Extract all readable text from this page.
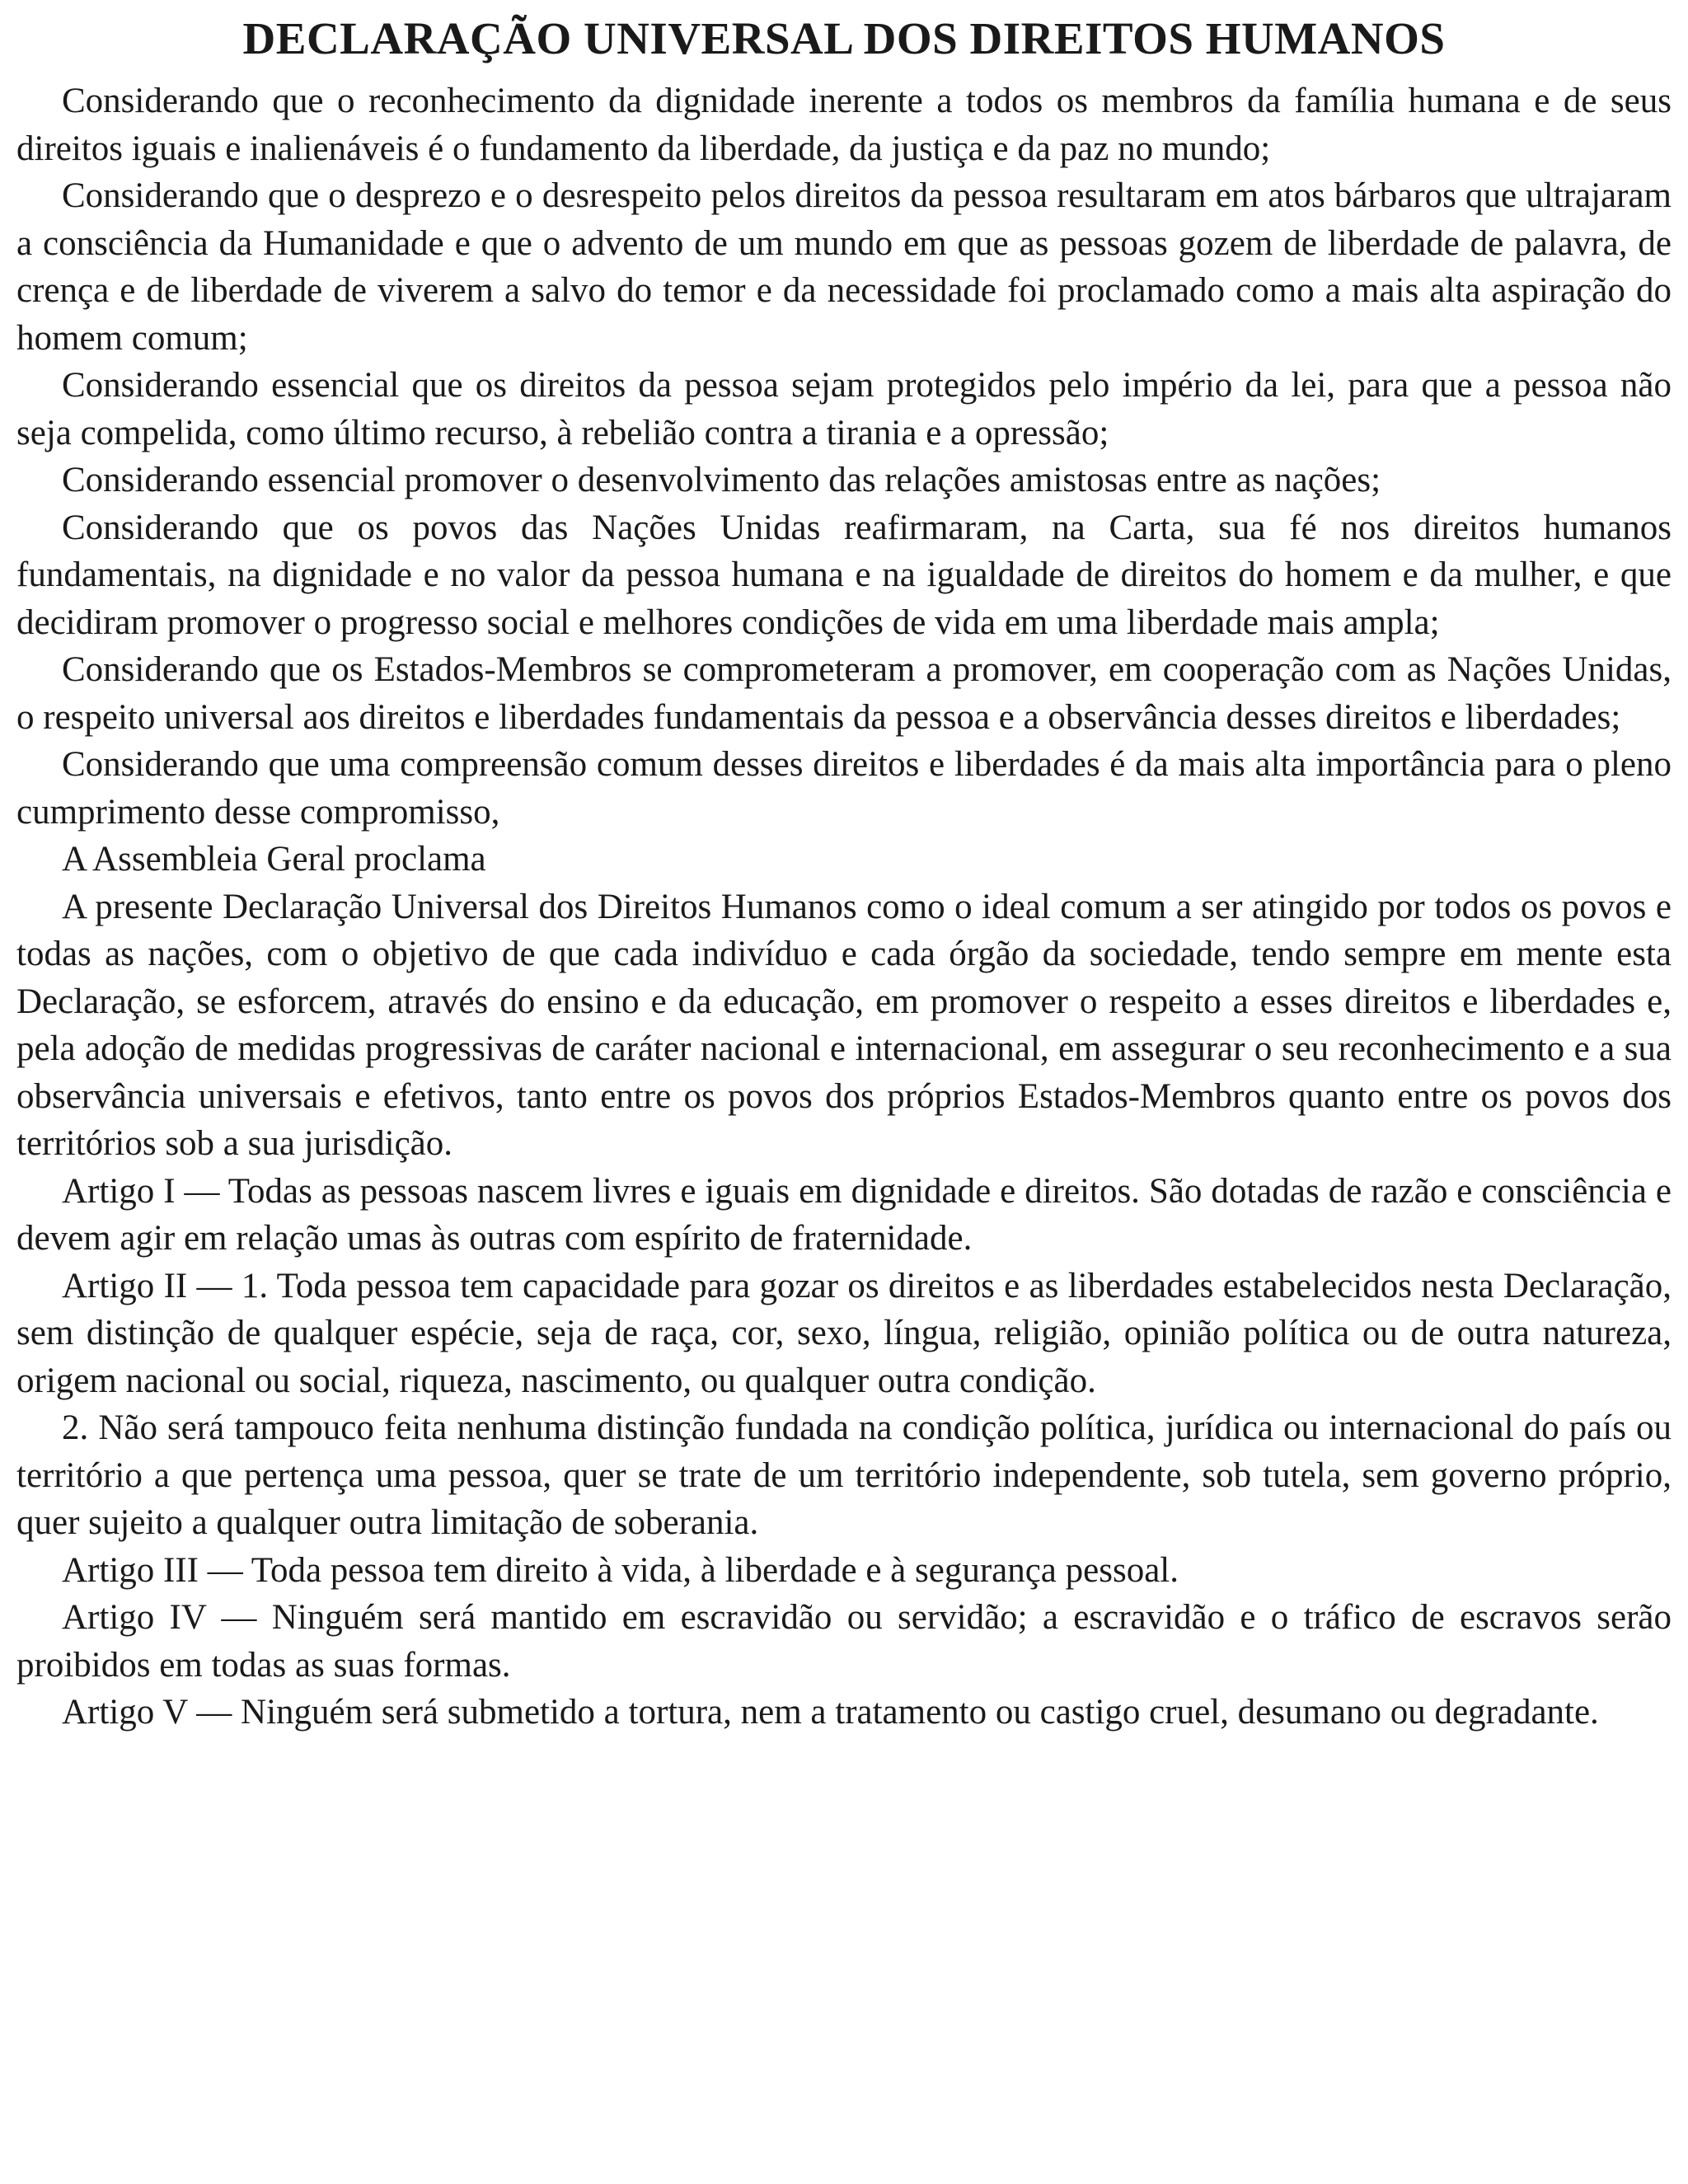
DECLARAÇÃO UNIVERSAL DOS DIREITOS HUMANOS

Considerando que o reconhecimento da dignidade inerente a todos os membros da família humana e de seus direitos iguais e inalienáveis é o fundamento da liberdade, da justiça e da paz no mundo;

Considerando que o desprezo e o desrespeito pelos direitos da pessoa resultaram em atos bárbaros que ultrajaram a consciência da Humanidade e que o advento de um mundo em que as pessoas gozem de liberdade de palavra, de crença e de liberdade de viverem a salvo do temor e da necessidade foi proclamado como a mais alta aspiração do homem comum;

Considerando essencial que os direitos da pessoa sejam protegidos pelo império da lei, para que a pessoa não seja compelida, como último recurso, à rebelião contra a tirania e a opressão;

Considerando essencial promover o desenvolvimento das relações amistosas entre as nações;

Considerando que os povos das Nações Unidas reafirmaram, na Carta, sua fé nos direitos humanos fundamentais, na dignidade e no valor da pessoa humana e na igualdade de direitos do homem e da mulher, e que decidiram promover o progresso social e melhores condições de vida em uma liberdade mais ampla;

Considerando que os Estados-Membros se comprometeram a promover, em cooperação com as Nações Unidas, o respeito universal aos direitos e liberdades fundamentais da pessoa e a observância desses direitos e liberdades;

Considerando que uma compreensão comum desses direitos e liberdades é da mais alta importância para o pleno cumprimento desse compromisso,

A Assembleia Geral proclama

A presente Declaração Universal dos Direitos Humanos como o ideal comum a ser atingido por todos os povos e todas as nações, com o objetivo de que cada indivíduo e cada órgão da sociedade, tendo sempre em mente esta Declaração, se esforcem, através do ensino e da educação, em promover o respeito a esses direitos e liberdades e, pela adoção de medidas progressivas de caráter nacional e internacional, em assegurar o seu reconhecimento e a sua observância universais e efetivos, tanto entre os povos dos próprios Estados-Membros quanto entre os povos dos territórios sob a sua jurisdição.

Artigo I — Todas as pessoas nascem livres e iguais em dignidade e direitos. São dotadas de razão e consciência e devem agir em relação umas às outras com espírito de fraternidade.

Artigo II — 1. Toda pessoa tem capacidade para gozar os direitos e as liberdades estabelecidos nesta Declaração, sem distinção de qualquer espécie, seja de raça, cor, sexo, língua, religião, opinião política ou de outra natureza, origem nacional ou social, riqueza, nascimento, ou qualquer outra condição.

2. Não será tampouco feita nenhuma distinção fundada na condição política, jurídica ou internacional do país ou território a que pertença uma pessoa, quer se trate de um território independente, sob tutela, sem governo próprio, quer sujeito a qualquer outra limitação de soberania.

Artigo III — Toda pessoa tem direito à vida, à liberdade e à segurança pessoal.

Artigo IV — Ninguém será mantido em escravidão ou servidão; a escravidão e o tráfico de escravos serão proibidos em todas as suas formas.

Artigo V — Ninguém será submetido a tortura, nem a tratamento ou castigo cruel, desumano ou degradante.
